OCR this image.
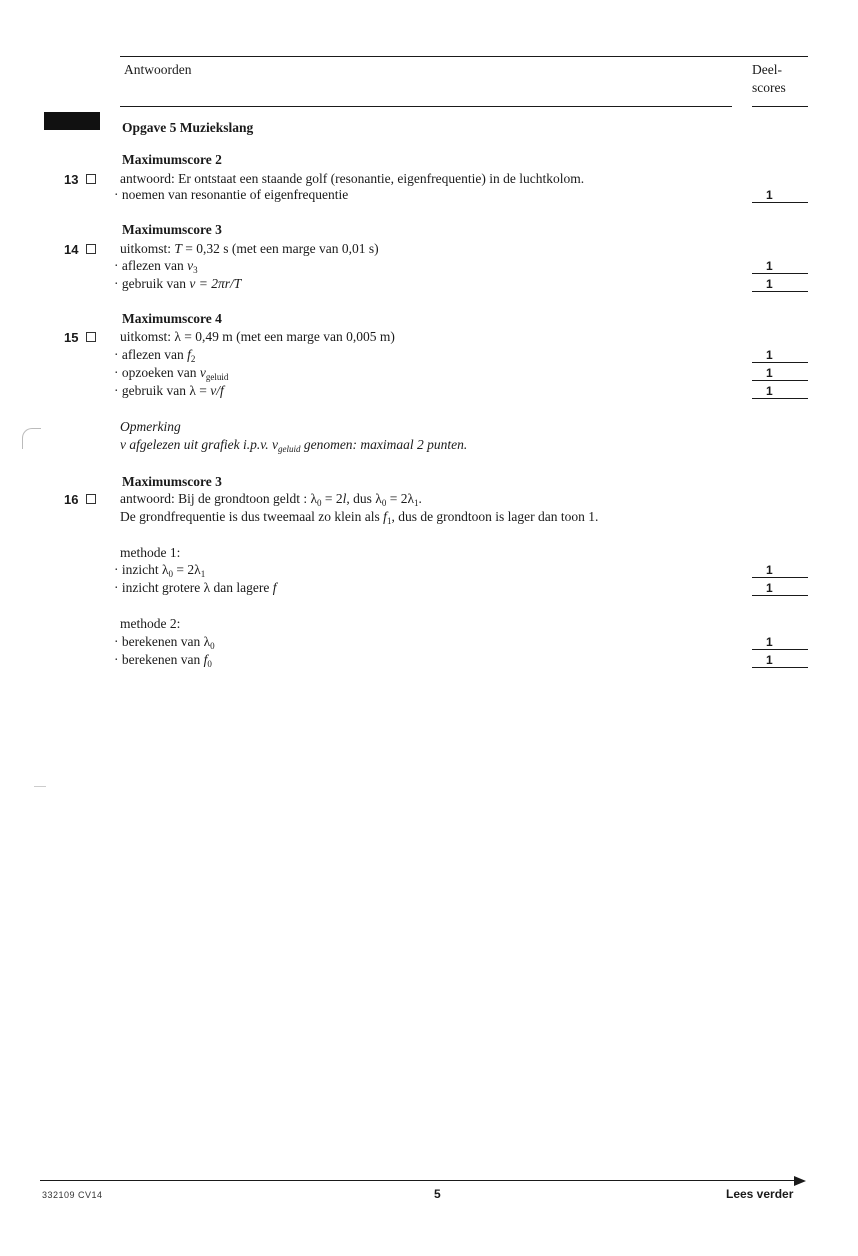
Antwoorden	Deel-
scores
Opgave 5 Muziekslang
Maximumscore 2
13	antwoord: Er ontstaat een staande golf (resonantie, eigenfrequentie) in de luchtkolom.
· noemen van resonantie of eigenfrequentie	1
Maximumscore 3
14	uitkomst: T = 0,32 s (met een marge van 0,01 s)
· aflezen van $v_3$	1
· gebruik van v = 2πr/T	1
Maximumscore 4
15	uitkomst: λ = 0,49 m (met een marge van 0,005 m)
· aflezen van $f_2$	1
· opzoeken van $v_{geluid}$	1
· gebruik van λ = v/f	1
Opmerking
v afgelezen uit grafiek i.p.v. $v_{geluid}$ genomen: maximaal 2 punten.
Maximumscore 3
16	antwoord: Bij de grondtoon geldt : $\lambda_0 = 2l$, dus $\lambda_0 = 2\lambda_1$.
De grondfrequentie is dus tweemaal zo klein als $f_1$, dus de grondtoon is lager dan toon 1.
methode 1:
· inzicht $\lambda_0 = 2\lambda_1$	1
· inzicht grotere λ dan lagere f	1
methode 2:
· berekenen van $\lambda_0$	1
· berekenen van $f_0$	1
332109 CV14	5	Lees verder
